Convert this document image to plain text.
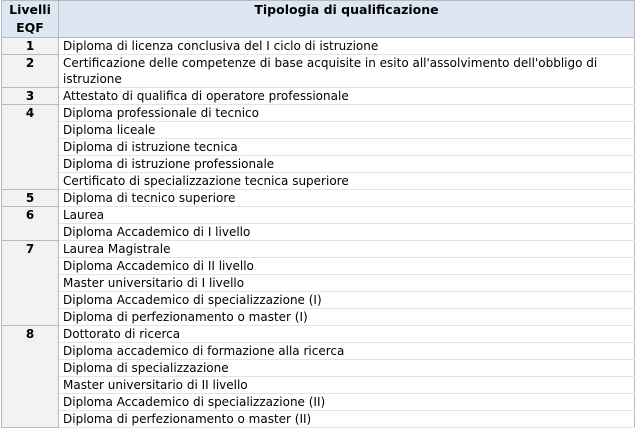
Livelli EQF	Tipologia di qualificazione
1	Diploma di licenza conclusiva del I ciclo di istruzione
2	Certificazione delle competenze di base acquisite in esito all'assolvimento dell'obbligo di istruzione
3	Attestato di qualifica di operatore professionale
4	Diploma professionale di tecnico
	Diploma liceale
	Diploma di istruzione tecnica
	Diploma di istruzione professionale
	Certificato di specializzazione tecnica superiore
5	Diploma di tecnico superiore
6	Laurea
	Diploma Accademico di I livello
7	Laurea Magistrale
	Diploma Accademico di II livello
	Master universitario di I livello
	Diploma Accademico di specializzazione (I)
	Diploma di perfezionamento o master (I)
8	Dottorato di ricerca
	Diploma accademico di formazione alla ricerca
	Diploma di specializzazione
	Master universitario di II livello
	Diploma Accademico di specializzazione (II)
	Diploma di perfezionamento o master (II)
